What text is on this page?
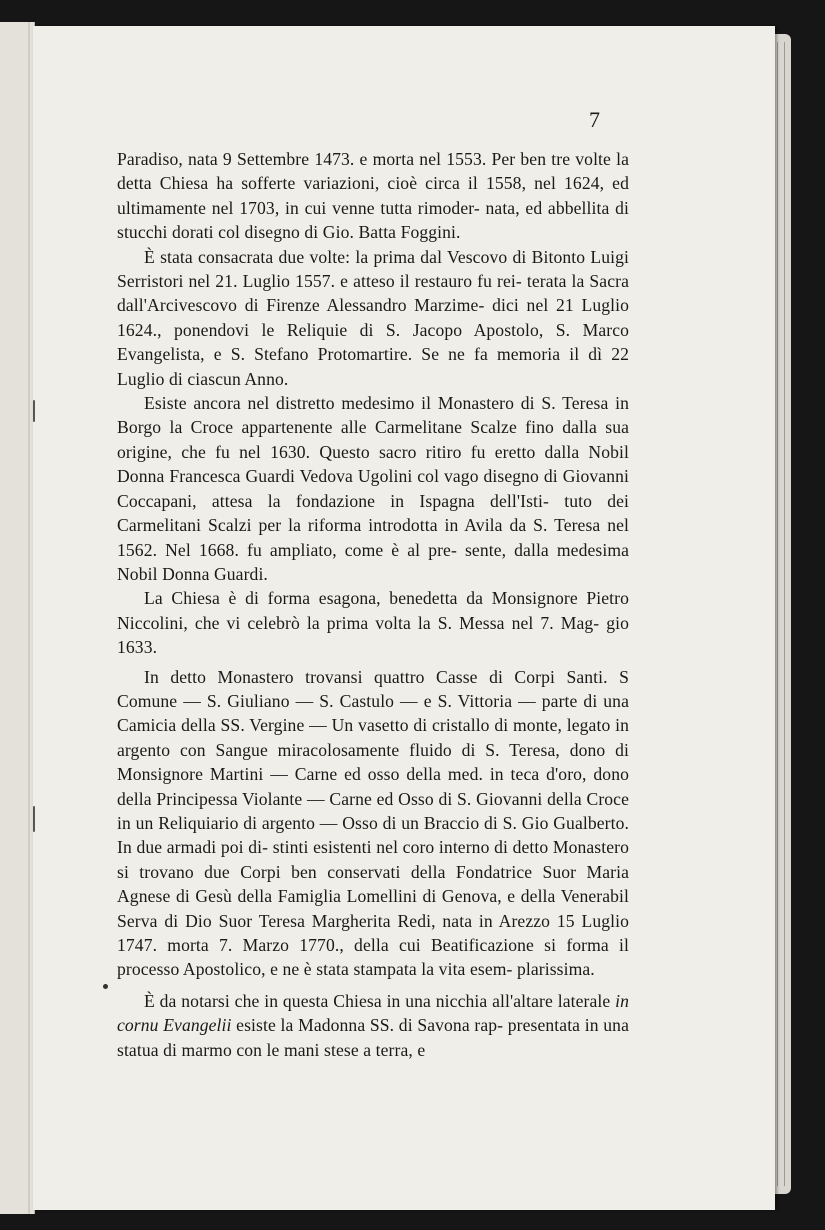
7

Paradiso, nata 9 Settembre 1473. e morta nel 1553. Per ben tre volte la detta Chiesa ha sofferte variazioni, cioè circa il 1558, nel 1624, ed ultimamente nel 1703, in cui venne tutta rimoder- nata, ed abbellita di stucchi dorati col disegno di Gio. Batta Foggini.

È stata consacrata due volte: la prima dal Vescovo di Bitonto Luigi Serristori nel 21. Luglio 1557. e atteso il restauro fu rei- terata la Sacra dall'Arcivescovo di Firenze Alessandro Marzime- dici nel 21 Luglio 1624., ponendovi le Reliquie di S. Jacopo Apostolo, S. Marco Evangelista, e S. Stefano Protomartire. Se ne fa memoria il dì 22 Luglio di ciascun Anno.

Esiste ancora nel distretto medesimo il Monastero di S. Teresa in Borgo la Croce appartenente alle Carmelitane Scalze fino dalla sua origine, che fu nel 1630. Questo sacro ritiro fu eretto dalla Nobil Donna Francesca Guardi Vedova Ugolini col vago disegno di Giovanni Coccapani, attesa la fondazione in Ispagna dell'Isti- tuto dei Carmelitani Scalzi per la riforma introdotta in Avila da S. Teresa nel 1562. Nel 1668. fu ampliato, come è al pre- sente, dalla medesima Nobil Donna Guardi.

La Chiesa è di forma esagona, benedetta da Monsignore Pietro Niccolini, che vi celebrò la prima volta la S. Messa nel 7. Mag- gio 1633.

In detto Monastero trovansi quattro Casse di Corpi Santi. S Comune — S. Giuliano — S. Castulo — e S. Vittoria — parte di una Camicia della SS. Vergine — Un vasetto di cristallo di monte, legato in argento con Sangue miracolosamente fluido di S. Teresa, dono di Monsignore Martini — Carne ed osso della med. in teca d'oro, dono della Principessa Violante — Carne ed Osso di S. Giovanni della Croce in un Reliquiario di argento — Osso di un Braccio di S. Gio Gualberto. In due armadi poi di- stinti esistenti nel coro interno di detto Monastero si trovano due Corpi ben conservati della Fondatrice Suor Maria Agnese di Gesù della Famiglia Lomellini di Genova, e della Venerabil Serva di Dio Suor Teresa Margherita Redi, nata in Arezzo 15 Luglio 1747. morta 7. Marzo 1770., della cui Beatificazione si forma il processo Apostolico, e ne è stata stampata la vita esem- plarissima.

È da notarsi che in questa Chiesa in una nicchia all'altare laterale in cornu Evangelii esiste la Madonna SS. di Savona rap- presentata in una statua di marmo con le mani stese a terra, e
